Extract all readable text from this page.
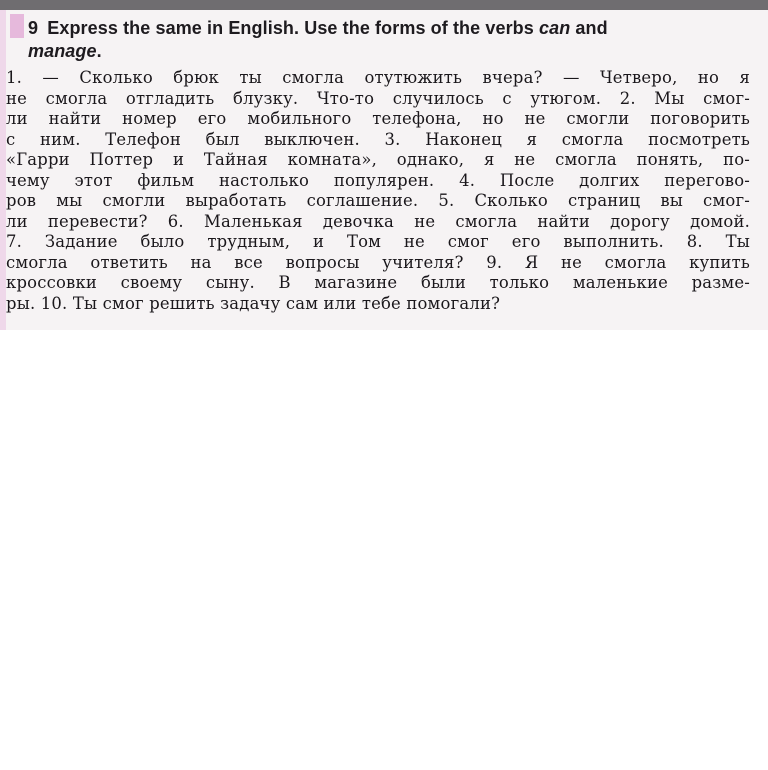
9 Express the same in English. Use the forms of the verbs can and
manage.
1. — Сколько брюк ты смогла отутюжить вчера? — Четверо, но я
не смогла отгладить блузку. Что-то случилось с утюгом. 2. Мы смог-
ли найти номер его мобильного телефона, но не смогли поговорить
с ним. Телефон был выключен. 3. Наконец я смогла посмотреть
«Гарри Поттер и Тайная комната», однако, я не смогла понять, по-
чему этот фильм настолько популярен. 4. После долгих перегово-
ров мы смогли выработать соглашение. 5. Сколько страниц вы смог-
ли перевести? 6. Маленькая девочка не смогла найти дорогу домой.
7. Задание было трудным, и Том не смог его выполнить. 8. Ты
смогла ответить на все вопросы учителя? 9. Я не смогла купить
кроссовки своему сыну. В магазине были только маленькие разме-
ры. 10. Ты смог решить задачу сам или тебе помогали?
